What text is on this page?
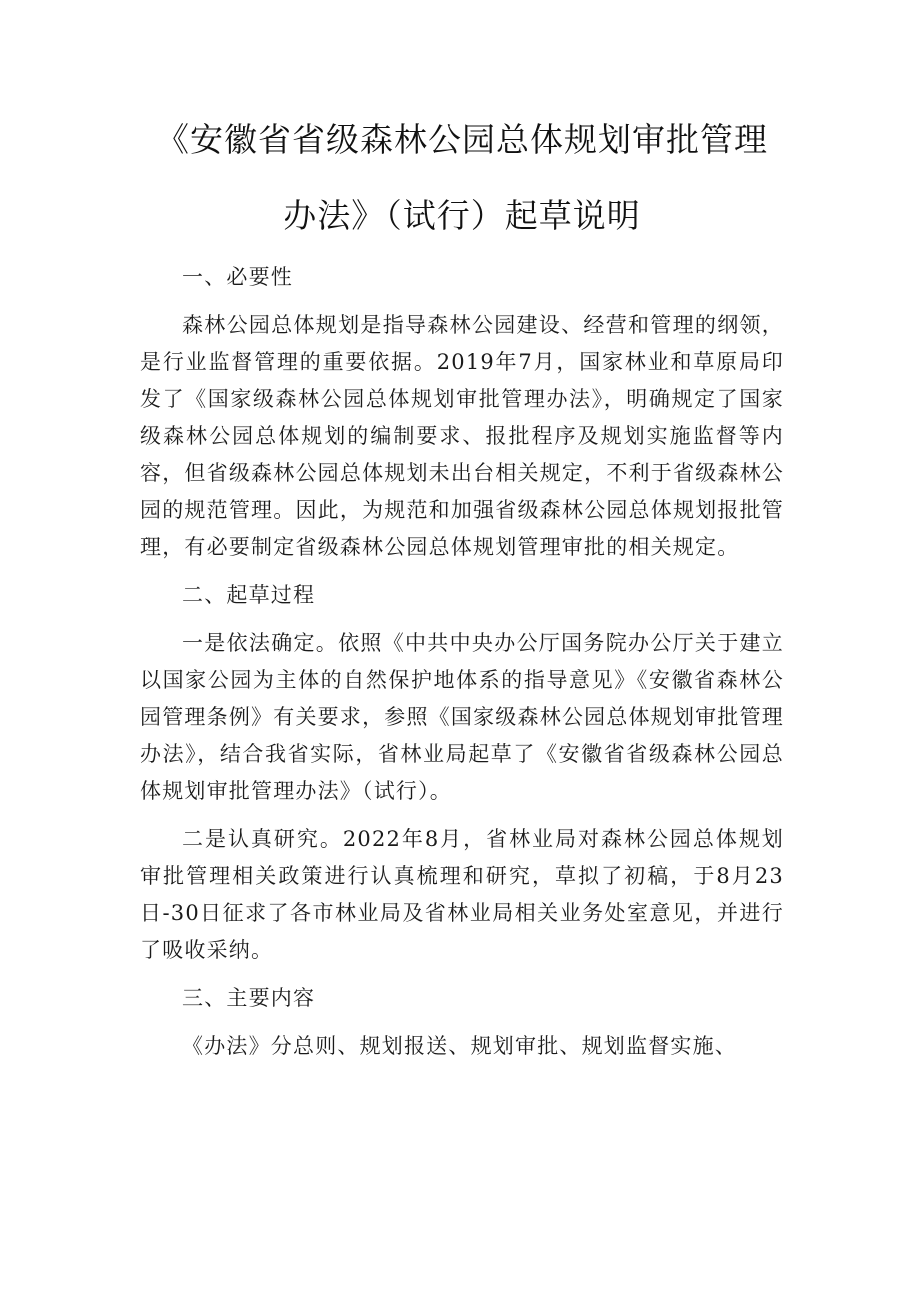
《安徽省省级森林公园总体规划审批管理
办法》（试行）起草说明

一、必要性

森林公园总体规划是指导森林公园建设、经营和管理的纲领，是行业监督管理的重要依据。2019年7月，国家林业和草原局印发了《国家级森林公园总体规划审批管理办法》，明确规定了国家级森林公园总体规划的编制要求、报批程序及规划实施监督等内容，但省级森林公园总体规划未出台相关规定，不利于省级森林公园的规范管理。因此，为规范和加强省级森林公园总体规划报批管理，有必要制定省级森林公园总体规划管理审批的相关规定。

二、起草过程

一是依法确定。依照《中共中央办公厅国务院办公厅关于建立以国家公园为主体的自然保护地体系的指导意见》《安徽省森林公园管理条例》有关要求，参照《国家级森林公园总体规划审批管理办法》，结合我省实际，省林业局起草了《安徽省省级森林公园总体规划审批管理办法》（试行）。

二是认真研究。2022年8月，省林业局对森林公园总体规划审批管理相关政策进行认真梳理和研究，草拟了初稿，于8月23日-30日征求了各市林业局及省林业局相关业务处室意见，并进行了吸收采纳。

三、主要内容

《办法》分总则、规划报送、规划审批、规划监督实施、
